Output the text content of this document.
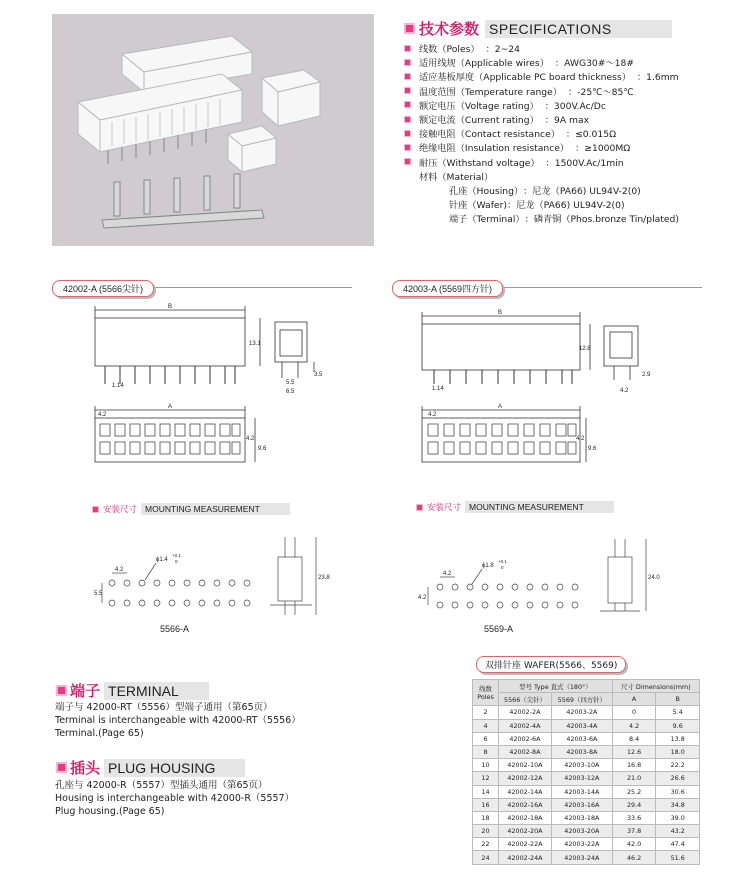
技术参数 SPECIFICATIONS
线数（Poles） ：2~24
适用线规（Applicable wires） ：AWG30#～18#
适应基板厚度（Applicable PC board thickness） ：1.6mm
温度范围（Temperature range） ：-25℃～85℃
额定电压（Voltage rating） ：300V.Ac/Dc
额定电流（Current rating） ：9A max
接触电阻（Contact resistance） ：≤0.015Ω
绝缘电阻（Insulation resistance） ：≥1000MΩ
耐压（Withstand voltage） ：1500V.Ac/1min
材料（Material）
孔座（Housing） ：尼龙（PA66) UL94V-2(0)
针座（Wafer) ：尼龙（PA66) UL94V-2(0)
端子（Terminal） ：磷青铜（Phos.bronze Tin/plated)
42002-A (5566尖针)	42003-A (5569四方针)
B
A
13.1
1.14	5.5
6.5
3.5
4.2
4.2
9.6
B
A
12.8
1.14	4.2
2.9
4.2
4.2
9.6
安装尺寸 MOUNTING MEASUREMENT	安装尺寸 MOUNTING MEASUREMENT
4.2
5.5
ϕ1.4
+0.1
0
23.8
5566-A
4.2
4.2
ϕ1.8
+0.1
0
24.0
5569-A
端子 TERMINAL
端子与 42000-RT（5556）型端子通用（第65页）
Terminal is interchangeable with 42000-RT（5556）
Terminal.(Page 65)
插头 PLUG HOUSING
孔座与 42000-R（5557）型插头通用（第65页）
Housing is interchangeable with 42000-R（5557）
Plug housing.(Page 65)
双排针座 WAFER(5566、5569)
线数 Poles	型号 Type 直式（180°）		尺寸 Dimensions(mm)	
	5566（尖针）	5569（四方针）	A	B
2	42002-2A	42003-2A	0	5.4
4	42002-4A	42003-4A	4.2	9.6
6	42002-6A	42003-6A	8.4	13.8
8	42002-8A	42003-8A	12.6	18.0
10	42002-10A	42003-10A	16.8	22.2
12	42002-12A	42003-12A	21.0	26.6
14	42002-14A	42003-14A	25.2	30.6
16	42002-16A	42003-16A	29.4	34.8
18	42002-18A	42003-18A	33.6	39.0
20	42002-20A	42003-20A	37.8	43.2
22	42002-22A	42003-22A	42.0	47.4
24	42002-24A	42003-24A	46.2	51.6
